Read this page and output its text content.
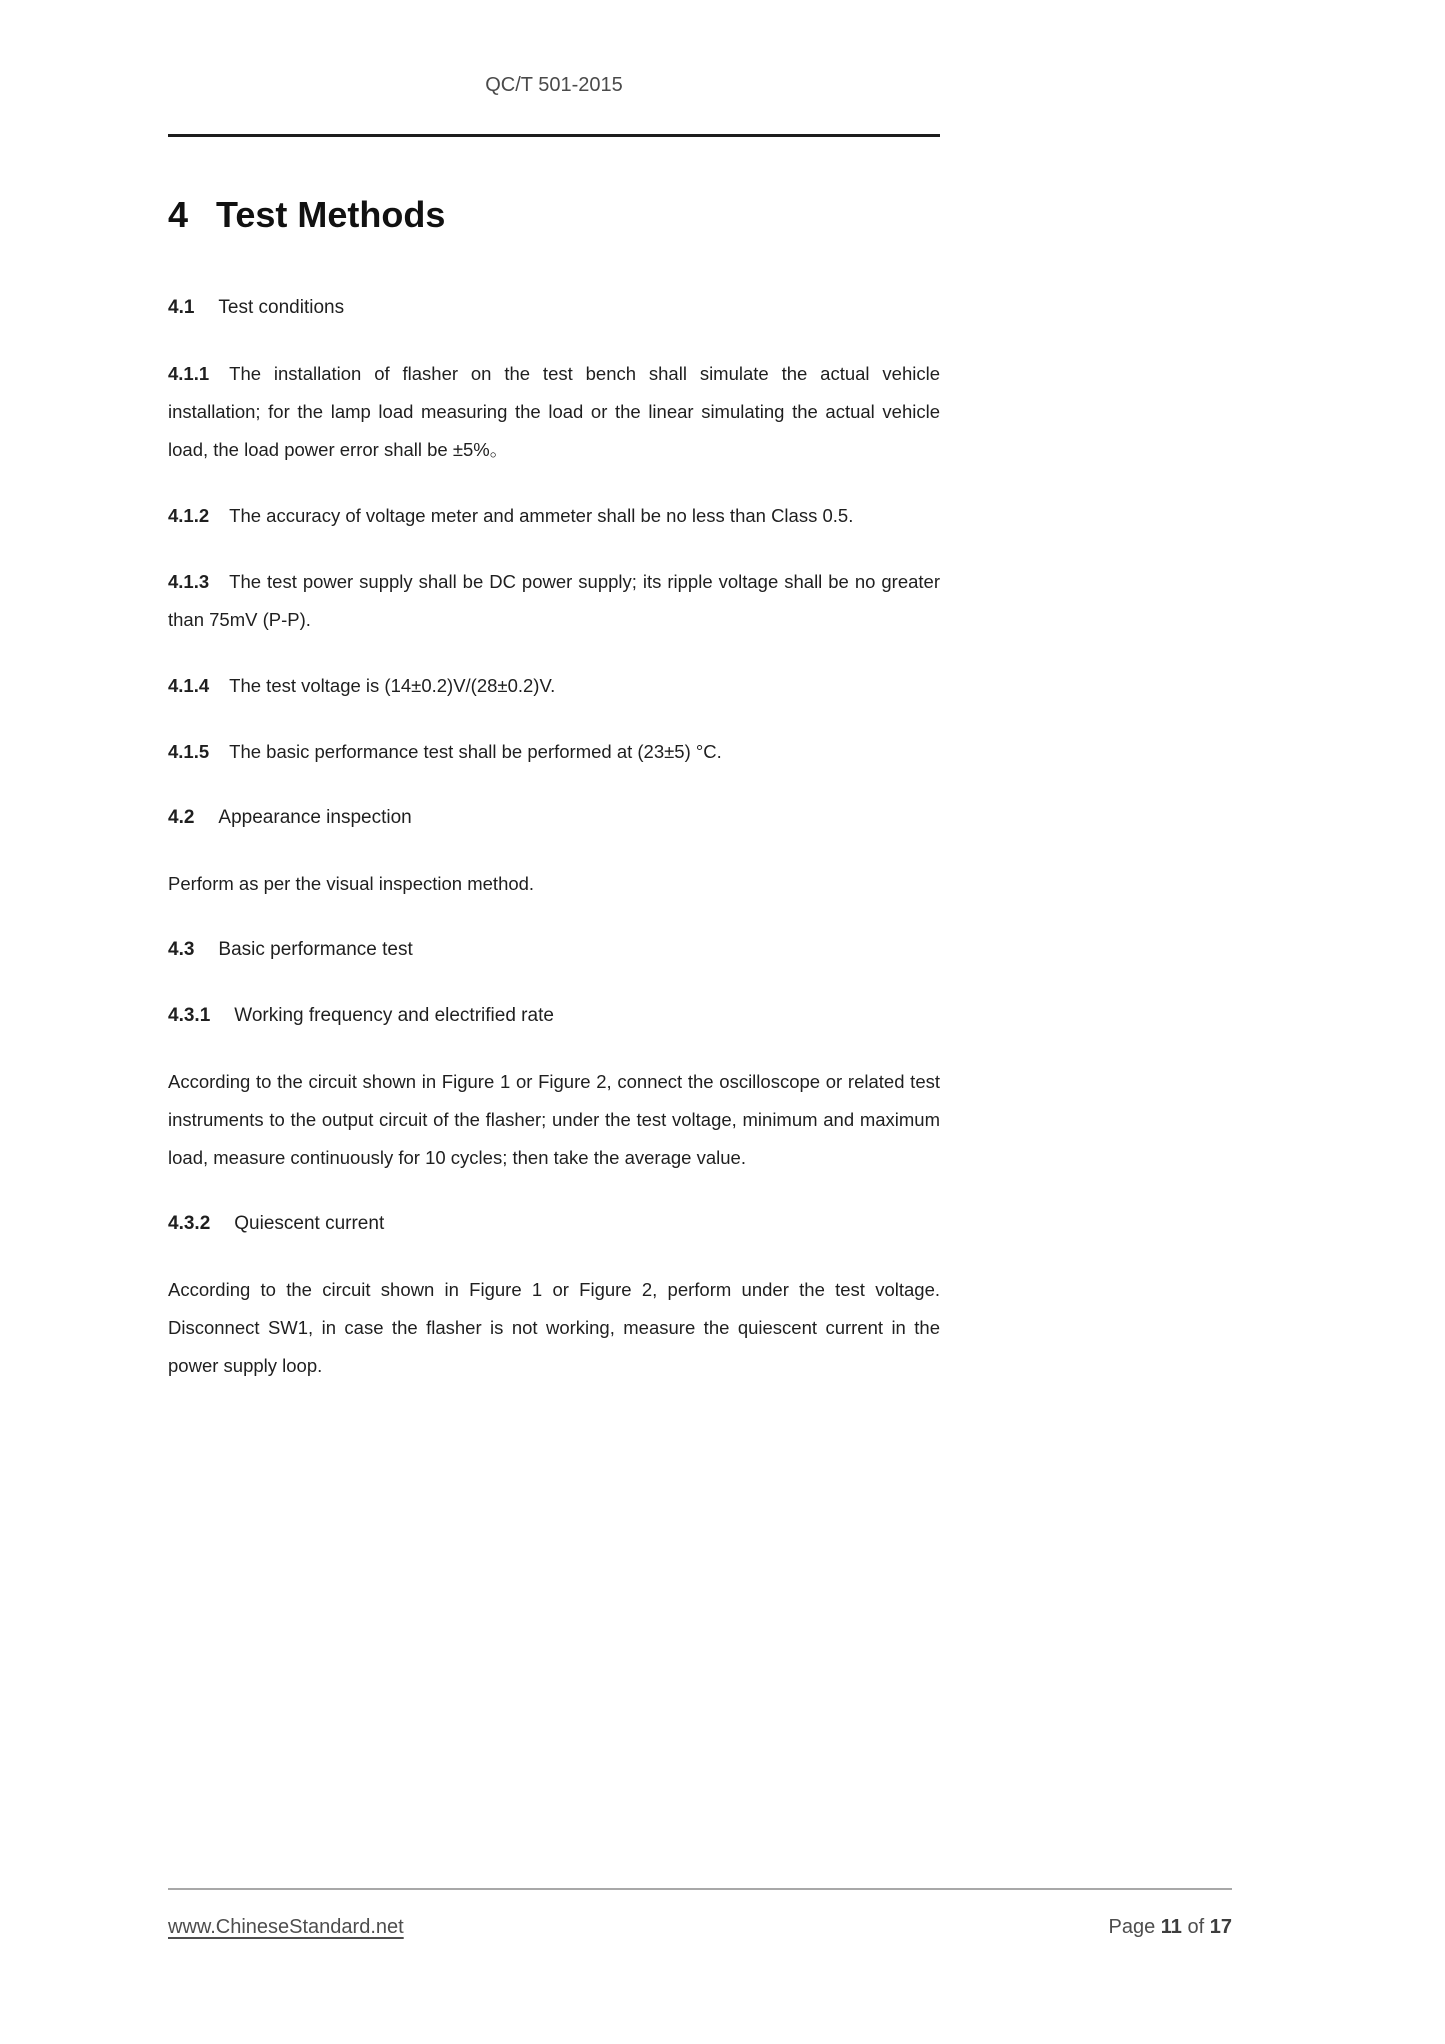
QC/T 501-2015
4 Test Methods
4.1 Test conditions

4.1.1 The installation of flasher on the test bench shall simulate the actual vehicle installation; for the lamp load measuring the load or the linear simulating the actual vehicle load, the load power error shall be ±5%。

4.1.2 The accuracy of voltage meter and ammeter shall be no less than Class 0.5.

4.1.3 The test power supply shall be DC power supply; its ripple voltage shall be no greater than 75mV (P-P).

4.1.4 The test voltage is (14±0.2)V/(28±0.2)V.

4.1.5 The basic performance test shall be performed at (23±5) °C.

4.2 Appearance inspection

Perform as per the visual inspection method.

4.3 Basic performance test
4.3.1 Working frequency and electrified rate

According to the circuit shown in Figure 1 or Figure 2, connect the oscilloscope or related test instruments to the output circuit of the flasher; under the test voltage, minimum and maximum load, measure continuously for 10 cycles; then take the average value.

4.3.2 Quiescent current

According to the circuit shown in Figure 1 or Figure 2, perform under the test voltage. Disconnect SW1, in case the flasher is not working, measure the quiescent current in the power supply loop.

www.ChineseStandard.net	Page 11 of 17
